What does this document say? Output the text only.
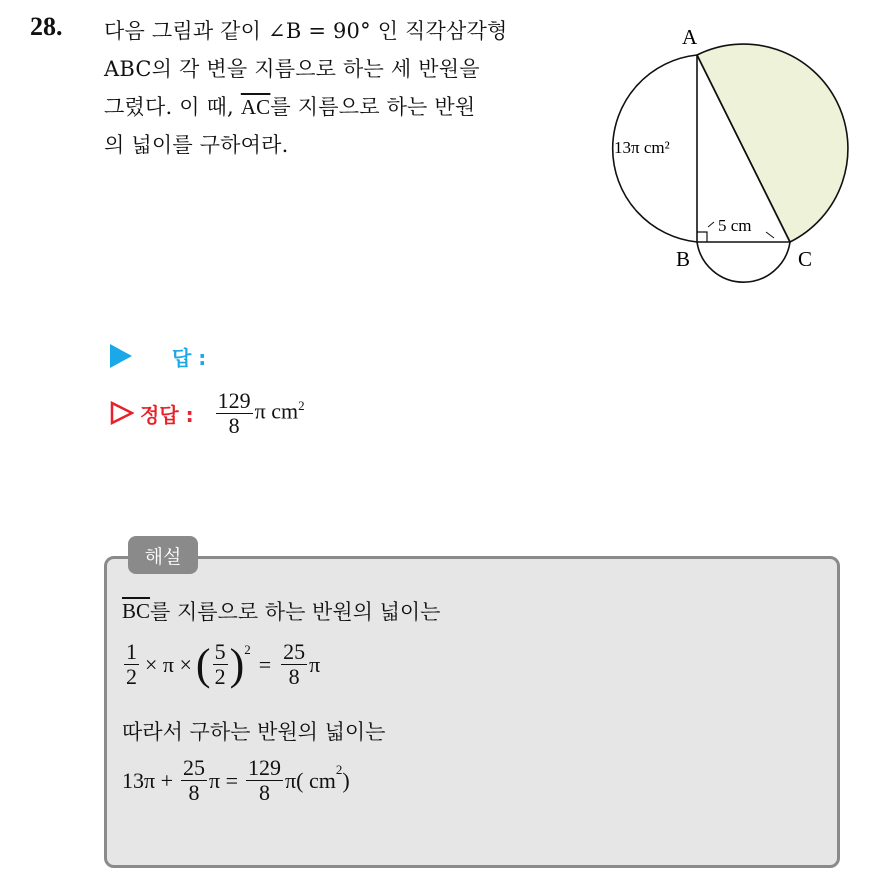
28. 다음 그림과 같이 ∠B = 90° 인 직각삼각형
ABC의 각 변을 지름으로 하는 세 반원을
그렸다. 이 때, $\overline{AC}$를 지름으로 하는 반원
의 넓이를 구하여라.
A
B	C
13π cm²
5 cm
답 :
정답 : $\frac{129}{8}$ π $cm^2$
해설
$\overline{BC}$ 를 지름으로 하는 반원의 넓이는
$\frac{1}{2} \times \pi$ × ( $\frac{5}{2} )^2$
= $\frac{25}{8}$ π
따라서 구하는 반원의 넓이는
$13\pi + \frac{25}{8}$ $\pi = \frac{129}{8} \pi$( $cm^2$ )
